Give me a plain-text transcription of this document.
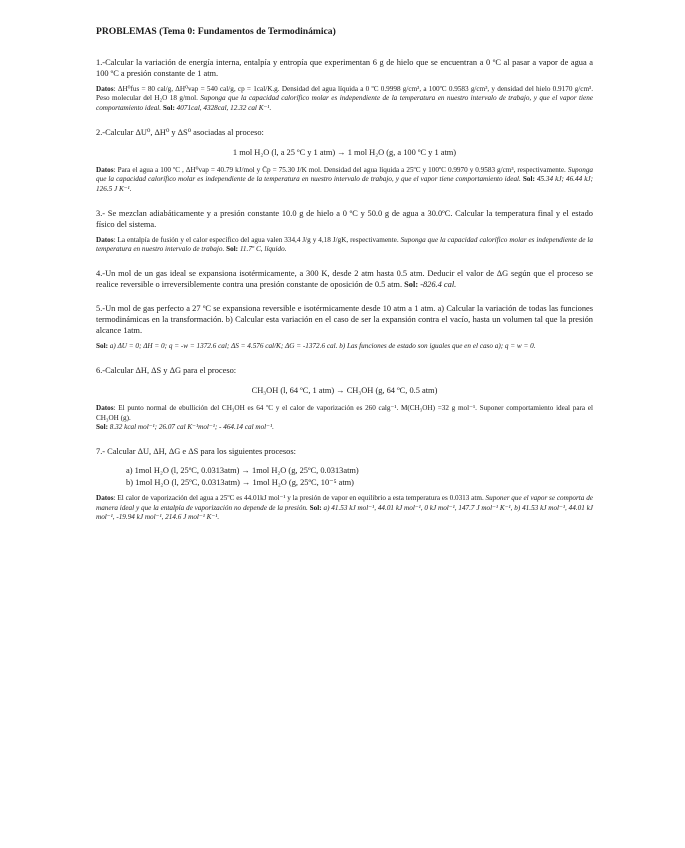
PROBLEMAS (Tema 0: Fundamentos de Termodinámica)

1.-Calcular la variación de energía interna, entalpía y entropía que experimentan 6 g de hielo que se encuentran a 0 ºC al pasar a vapor de agua a 100 ºC a presión constante de 1 atm.

Datos: ΔH⁰fus = 80 cal/g, ΔH⁰vap = 540 cal/g, cp = 1cal/K.g. Densidad del agua líquida a 0 ºC 0.9998 g/cm³, a 100ºC 0.9583 g/cm³, y densidad del hielo 0.9170 g/cm³. Peso molecular del H₂O 18 g/mol. Suponga que la capacidad calorífico molar es independiente de la temperatura en nuestro intervalo de trabajo, y que el vapor tiene comportamiento ideal. Sol: 4071cal, 4328cal, 12.32 cal K⁻¹.

2.-Calcular ΔU⁰, ΔH⁰ y ΔS⁰ asociadas al proceso:

1 mol H₂O (l, a 25 ºC y 1 atm) → 1 mol H₂O (g, a 100 ºC y 1 atm)

Datos: Para el agua a 100 ºC , ΔH⁰vap = 40.79 kJ/mol y C̄p = 75.30 J/K mol. Densidad del agua líquida a 25ºC y 100ºC 0.9970 y 0.9583 g/cm³, respectivamente. Suponga que la capacidad calorífico molar es independiente de la temperatura en nuestro intervalo de trabajo, y que el vapor tiene comportamiento ideal. Sol: 45.34 kJ; 46.44 kJ; 126.5 J K⁻¹.

3.- Se mezclan adiabáticamente y a presión constante 10.0 g de hielo a 0 ºC y 50.0 g de agua a 30.0ºC. Calcular la temperatura final y el estado físico del sistema.

Datos: La entalpía de fusión y el calor específico del agua valen 334,4 J/g y 4,18 J/gK, respectivamente. Suponga que la capacidad calorífico molar es independiente de la temperatura en nuestro intervalo de trabajo. Sol: 11.7º C, líquido.

4.-Un mol de un gas ideal se expansiona isotérmicamente, a 300 K, desde 2 atm hasta 0.5 atm. Deducir el valor de ΔG según que el proceso se realice reversible o irreversiblemente contra una presión constante de oposición de 0.5 atm. Sol: -826.4 cal.

5.-Un mol de gas perfecto a 27 ºC se expansiona reversible e isotérmicamente desde 10 atm a 1 atm. a) Calcular la variación de todas las funciones termodinámicas en la transformación. b) Calcular esta variación en el caso de ser la expansión contra el vacío, hasta un volumen tal que la presión alcance 1atm.

Sol: a) ΔU = 0; ΔH = 0; q = -w = 1372.6 cal; ΔS = 4.576 cal/K; ΔG = -1372.6 cal. b) Las funciones de estado son iguales que en el caso a); q = w = 0.

6.-Calcular ΔH, ΔS y ΔG para el proceso:

CH₃OH (l, 64 ºC, 1 atm) → CH₃OH (g, 64 ºC, 0.5 atm)

Datos: El punto normal de ebullición del CH₃OH es 64 ºC y el calor de vaporización es 260 calg⁻¹. M(CH₃OH) =32 g mol⁻¹. Suponer comportamiento ideal para el CH₃OH (g).
Sol: 8.32 kcal mol⁻¹; 26.07 cal K⁻¹mol⁻¹; - 464.14 cal mol⁻¹.

7.- Calcular ΔU, ΔH, ΔG e ΔS para los siguientes procesos:

a) 1mol H₂O (l, 25ºC, 0.0313atm) → 1mol H₂O (g, 25ºC, 0.0313atm)
b) 1mol H₂O (l, 25ºC, 0.0313atm) → 1mol H₂O (g, 25ºC, 10⁻⁵ atm)

Datos: El calor de vaporización del agua a 25ºC es 44.01kJ mol⁻¹ y la presión de vapor en equilibrio a esta temperatura es 0.0313 atm. Suponer que el vapor se comporta de manera ideal y que la entalpía de vaporización no depende de la presión. Sol: a) 41.53 kJ mol⁻¹, 44.01 kJ mol⁻¹, 0 kJ mol⁻¹, 147.7 J mol⁻¹ K⁻¹, b) 41.53 kJ mol⁻¹, 44.01 kJ mol⁻¹, -19.94 kJ mol⁻¹, 214.6 J mol⁻¹ K⁻¹.
